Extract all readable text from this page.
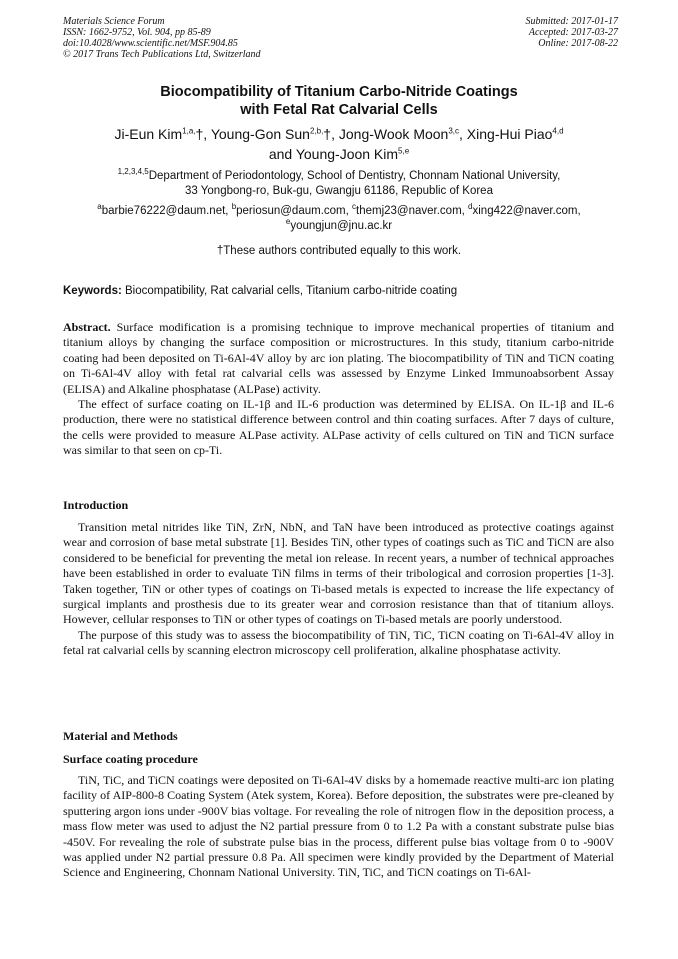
Materials Science Forum
ISSN: 1662-9752, Vol. 904, pp 85-89
doi:10.4028/www.scientific.net/MSF.904.85
© 2017 Trans Tech Publications Ltd, Switzerland
Submitted: 2017-01-17
Accepted: 2017-03-27
Online: 2017-08-22
Biocompatibility of Titanium Carbo-Nitride Coatings
with Fetal Rat Calvarial Cells
Ji-Eun Kim$^{1,a,}$†, Young-Gon Sun$^{2,b,}$†, Jong-Wook Moon$^{3,c}$, Xing-Hui Piao$^{4,d}$
and Young-Joon Kim$^{5,e}$
$^{1,2,3,4,5}$Department of Periodontology, School of Dentistry, Chonnam National University,
33 Yongbong-ro, Buk-gu, Gwangju 61186, Republic of Korea
$^a$barbie76222@daum.net, $^b$periosun@daum.com, $^c$themj23@naver.com, $^d$xing422@naver.com,
$^e$youngjun@jnu.ac.kr
†These authors contributed equally to this work.
Keywords: Biocompatibility, Rat calvarial cells, Titanium carbo-nitride coating

Abstract. Surface modification is a promising technique to improve mechanical properties of titanium and titanium alloys by changing the surface composition or microstructures. In this study, titanium carbo-nitride coating had been deposited on Ti-6Al-4V alloy by arc ion plating. The biocompatibility of TiN and TiCN coating on Ti-6Al-4V alloy with fetal rat calvarial cells was assessed by Enzyme Linked Immunoabsorbent Assay (ELISA) and Alkaline phosphatase (ALPase) activity.

The effect of surface coating on IL-1β and IL-6 production was determined by ELISA. On IL-1β and IL-6 production, there were no statistical difference between control and thin coating surfaces. After 7 days of culture, the cells were provided to measure ALPase activity. ALPase activity of cells cultured on TiN and TiCN surface was similar to that seen on cp-Ti.

Introduction

Transition metal nitrides like TiN, ZrN, NbN, and TaN have been introduced as protective coatings against wear and corrosion of base metal substrate [1]. Besides TiN, other types of coatings such as TiC and TiCN are also considered to be beneficial for preventing the metal ion release. In recent years, a number of technical approaches have been established in order to evaluate TiN films in terms of their tribological and corrosion properties [1-3]. Taken together, TiN or other types of coatings on Ti-based metals is expected to increase the life expectancy of surgical implants and prosthesis due to its greater wear and corrosion resistance than that of titanium alloys. However, cellular responses to TiN or other types of coatings on Ti-based metals are poorly understood.

The purpose of this study was to assess the biocompatibility of TiN, TiC, TiCN coating on Ti-6Al-4V alloy in fetal rat calvarial cells by scanning electron microscopy cell proliferation, alkaline phosphatase activity.

Material and Methods
Surface coating procedure

TiN, TiC, and TiCN coatings were deposited on Ti-6Al-4V disks by a homemade reactive multi-arc ion plating facility of AIP-800-8 Coating System (Atek system, Korea). Before deposition, the substrates were pre-cleaned by sputtering argon ions under -900V bias voltage. For revealing the role of nitrogen flow in the deposition process, a mass flow meter was used to adjust the N2 partial pressure from 0 to 1.2 Pa with a constant substrate pulse bias -450V. For revealing the role of substrate pulse bias in the process, different pulse bias voltage from 0 to -900V was applied under N2 partial pressure 0.8 Pa. All specimen were kindly provided by the Department of Material Science and Engineering, Chonnam National University. TiN, TiC, and TiCN coatings on Ti-6Al-
